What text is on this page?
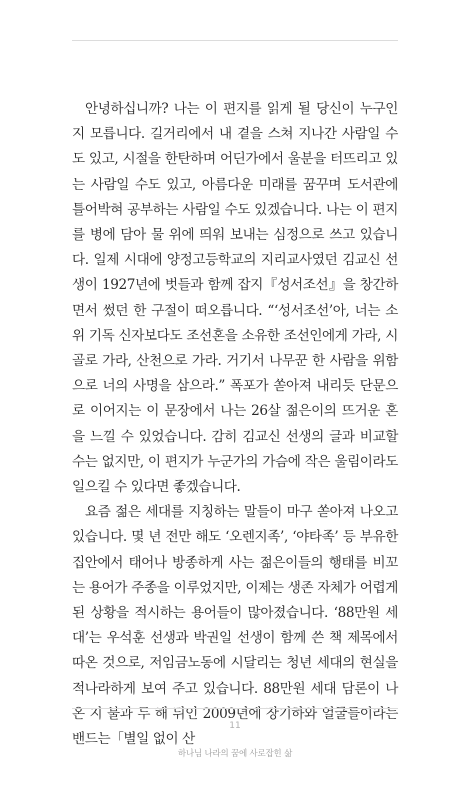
안녕하십니까? 나는 이 편지를 읽게 될 당신이 누구인지 모릅니다. 길거리에서 내 곁을 스쳐 지나간 사람일 수도 있고, 시절을 한탄하며 어딘가에서 울분을 터뜨리고 있는 사람일 수도 있고, 아름다운 미래를 꿈꾸며 도서관에 틀어박혀 공부하는 사람일 수도 있겠습니다. 나는 이 편지를 병에 담아 물 위에 띄워 보내는 심정으로 쓰고 있습니다. 일제 시대에 양정고등학교의 지리교사였던 김교신 선생이 1927년에 벗들과 함께 잡지『성서조선』을 창간하면서 썼던 한 구절이 떠오릅니다. “‘성서조선’아, 너는 소위 기독 신자보다도 조선혼을 소유한 조선인에게 가라, 시골로 가라, 산천으로 가라. 거기서 나무꾼 한 사람을 위함으로 너의 사명을 삼으라.” 폭포가 쏟아져 내리듯 단문으로 이어지는 이 문장에서 나는 26살 젊은이의 뜨거운 혼을 느낄 수 있었습니다. 감히 김교신 선생의 글과 비교할 수는 없지만, 이 편지가 누군가의 가슴에 작은 울림이라도 일으킬 수 있다면 좋겠습니다.

요즘 젊은 세대를 지칭하는 말들이 마구 쏟아져 나오고 있습니다. 몇 년 전만 해도 ‘오렌지족’, ‘야타족’ 등 부유한 집안에서 태어나 방종하게 사는 젊은이들의 행태를 비꼬는 용어가 주종을 이루었지만, 이제는 생존 자체가 어렵게 된 상황을 적시하는 용어들이 많아졌습니다. ‘88만원 세대’는 우석훈 선생과 박권일 선생이 함께 쓴 책 제목에서 따온 것으로, 저임금노동에 시달리는 청년 세대의 현실을 적나라하게 보여 주고 있습니다. 88만원 세대 담론이 나온 지 불과 두 해 뒤인 2009년에 장기하와 얼굴들이라는 밴드는「별일 없이 산

11
하나님 나라의 꿈에 사로잡힌 삶
